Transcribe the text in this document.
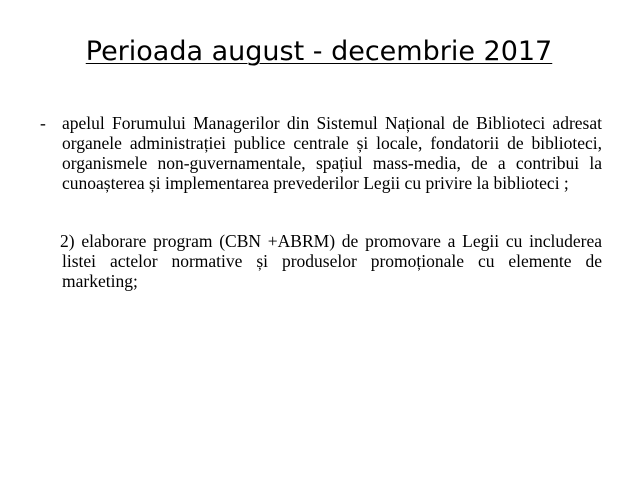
Perioada august - decembrie 2017

- apelul Forumului Managerilor din Sistemul Național de Biblioteci adresat organele administrației publice centrale și locale, fondatorii de biblioteci, organismele non-guvernamentale, spațiul mass-media, de a contribui la cunoașterea și implementarea prevederilor Legii cu privire la biblioteci ;

2) elaborare program (CBN +ABRM) de promovare a Legii cu includerea listei actelor normative și produselor promoționale cu elemente de marketing;
